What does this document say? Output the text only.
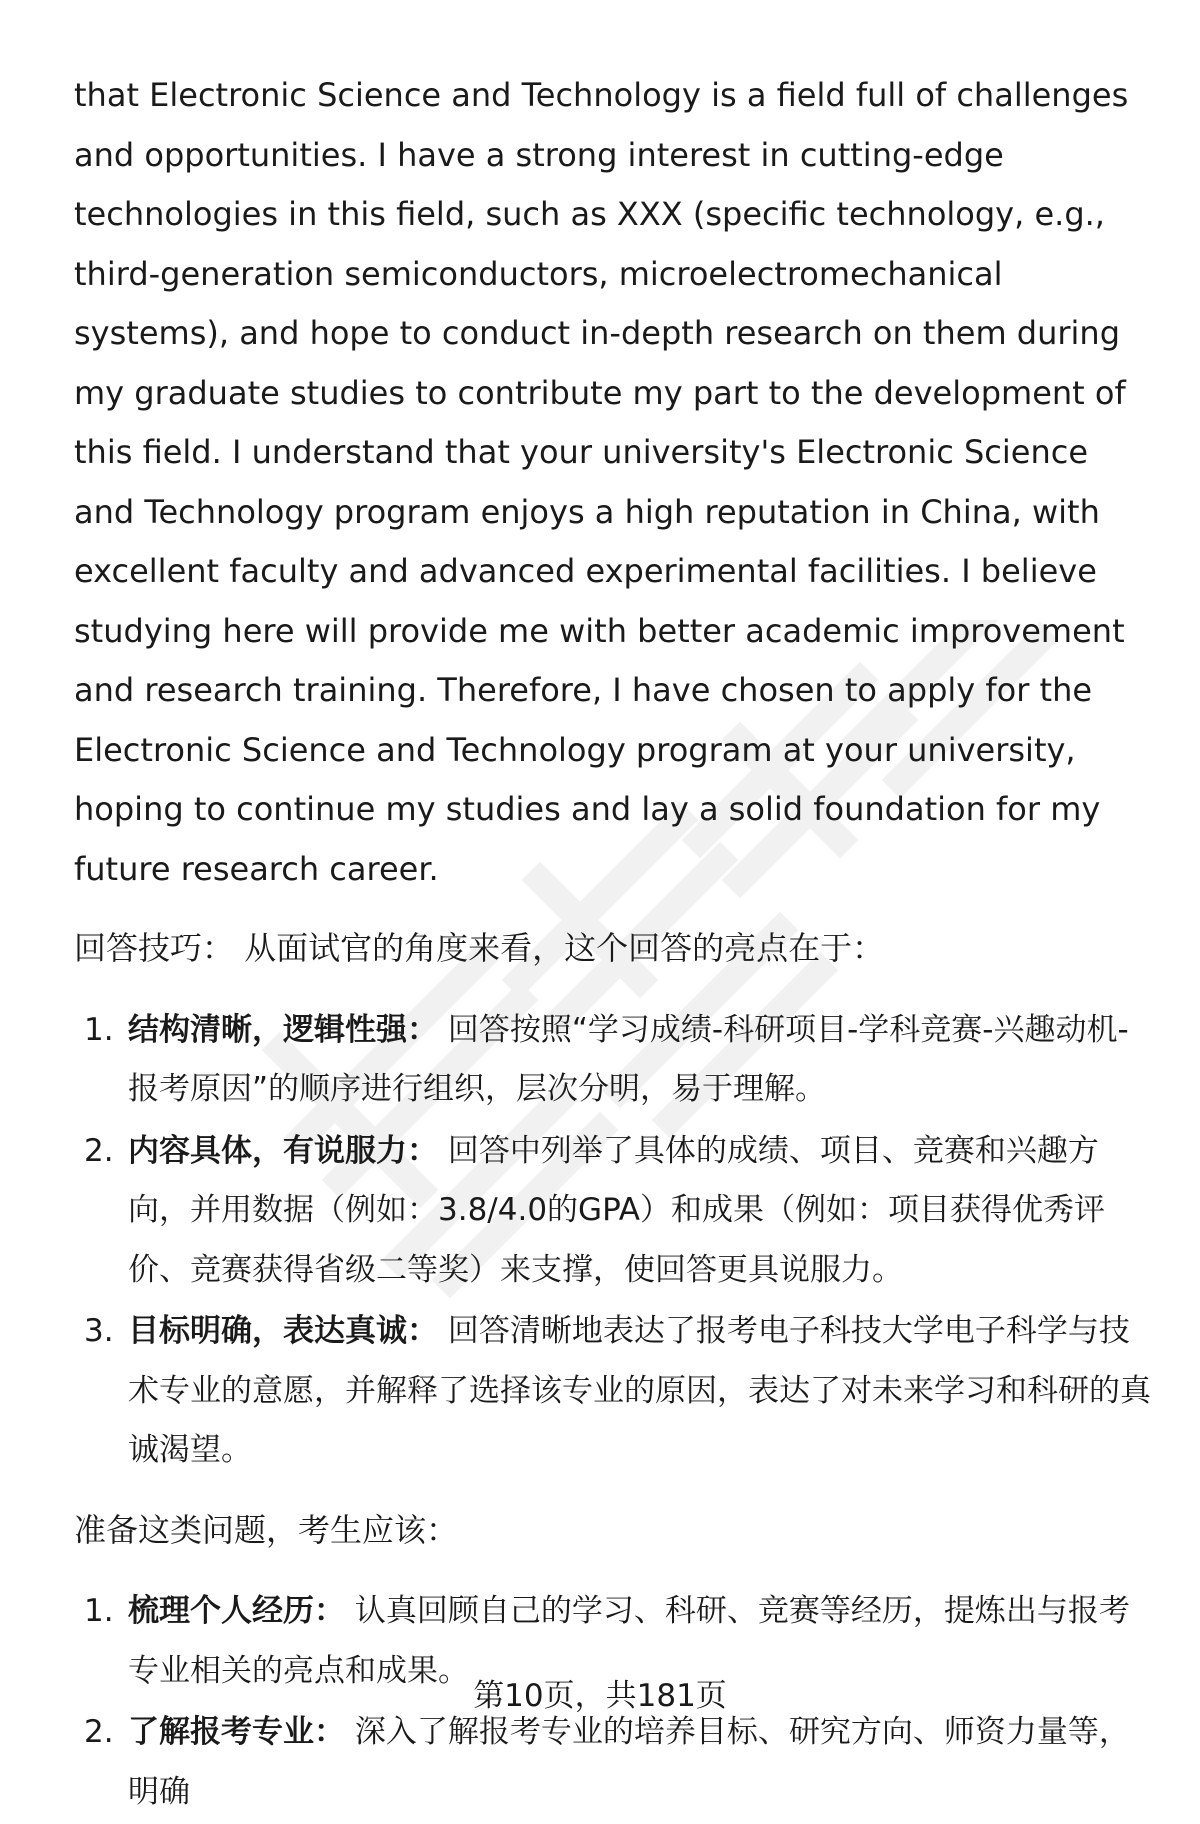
that Electronic Science and Technology is a field full of challenges and opportunities. I have a strong interest in cutting-edge technologies in this field, such as XXX (specific technology, e.g., third-generation semiconductors, microelectromechanical systems), and hope to conduct in-depth research on them during my graduate studies to contribute my part to the development of this field. I understand that your university's Electronic Science and Technology program enjoys a high reputation in China, with excellent faculty and advanced experimental facilities. I believe studying here will provide me with better academic improvement and research training. Therefore, I have chosen to apply for the Electronic Science and Technology program at your university, hoping to continue my studies and lay a solid foundation for my future research career.

回答技巧： 从面试官的角度来看，这个回答的亮点在于：

1. 结构清晰，逻辑性强： 回答按照“学习成绩-科研项目-学科竞赛-兴趣动机-报考原因”的顺序进行组织，层次分明，易于理解。
2. 内容具体，有说服力： 回答中列举了具体的成绩、项目、竞赛和兴趣方向，并用数据（例如：3.8/4.0的GPA）和成果（例如：项目获得优秀评价、竞赛获得省级二等奖）来支撑，使回答更具说服力。
3. 目标明确，表达真诚： 回答清晰地表达了报考电子科技大学电子科学与技术专业的意愿，并解释了选择该专业的原因，表达了对未来学习和科研的真诚渴望。

准备这类问题，考生应该：

1. 梳理个人经历： 认真回顾自己的学习、科研、竞赛等经历，提炼出与报考专业相关的亮点和成果。
2. 了解报考专业： 深入了解报考专业的培养目标、研究方向、师资力量等，明确
第10页，共181页
